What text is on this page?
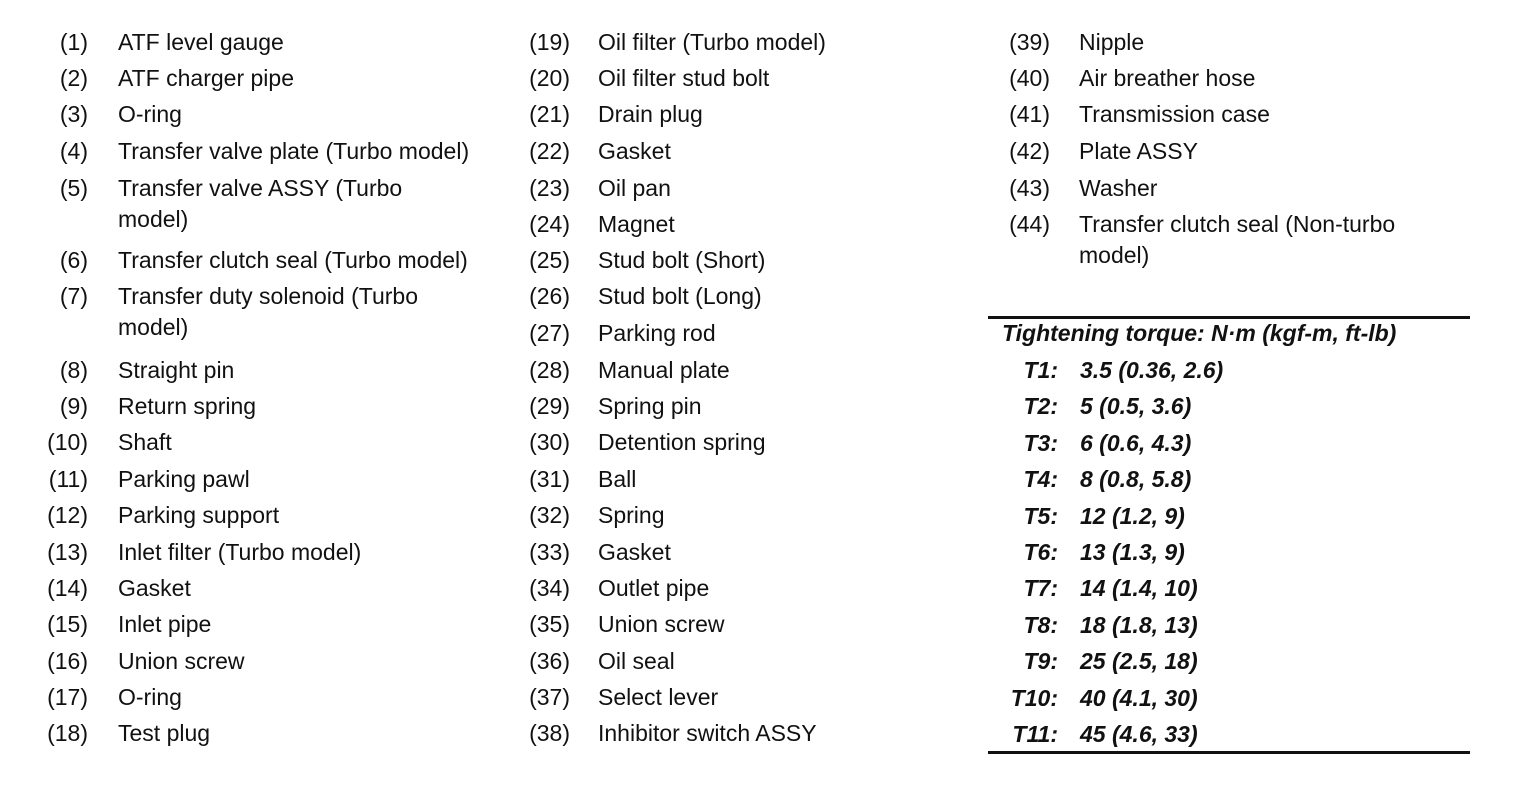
(1) ATF level gauge
(2) ATF charger pipe
(3) O-ring
(4) Transfer valve plate (Turbo model)
(5) Transfer valve ASSY (Turbo
model)
(6) Transfer clutch seal (Turbo model)
(7) Transfer duty solenoid (Turbo
model)
(8) Straight pin
(9) Return spring
(10) Shaft
(11) Parking pawl
(12) Parking support
(13) Inlet filter (Turbo model)
(14) Gasket
(15) Inlet pipe
(16) Union screw
(17) O-ring
(18) Test plug
(19) Oil filter (Turbo model)
(20) Oil filter stud bolt
(21) Drain plug
(22) Gasket
(23) Oil pan
(24) Magnet
(25) Stud bolt (Short)
(26) Stud bolt (Long)
(27) Parking rod
(28) Manual plate
(29) Spring pin
(30) Detention spring
(31) Ball
(32) Spring
(33) Gasket
(34) Outlet pipe
(35) Union screw
(36) Oil seal
(37) Select lever
(38) Inhibitor switch ASSY
(39) Nipple
(40) Air breather hose
(41) Transmission case
(42) Plate ASSY
(43) Washer
(44) Transfer clutch seal (Non-turbo
model)
Tightening torque: N·m (kgf-m, ft-lb)
T1: 3.5 (0.36, 2.6)
T2: 5 (0.5, 3.6)
T3: 6 (0.6, 4.3)
T4: 8 (0.8, 5.8)
T5: 12 (1.2, 9)
T6: 13 (1.3, 9)
T7: 14 (1.4, 10)
T8: 18 (1.8, 13)
T9: 25 (2.5, 18)
T10: 40 (4.1, 30)
T11: 45 (4.6, 33)
